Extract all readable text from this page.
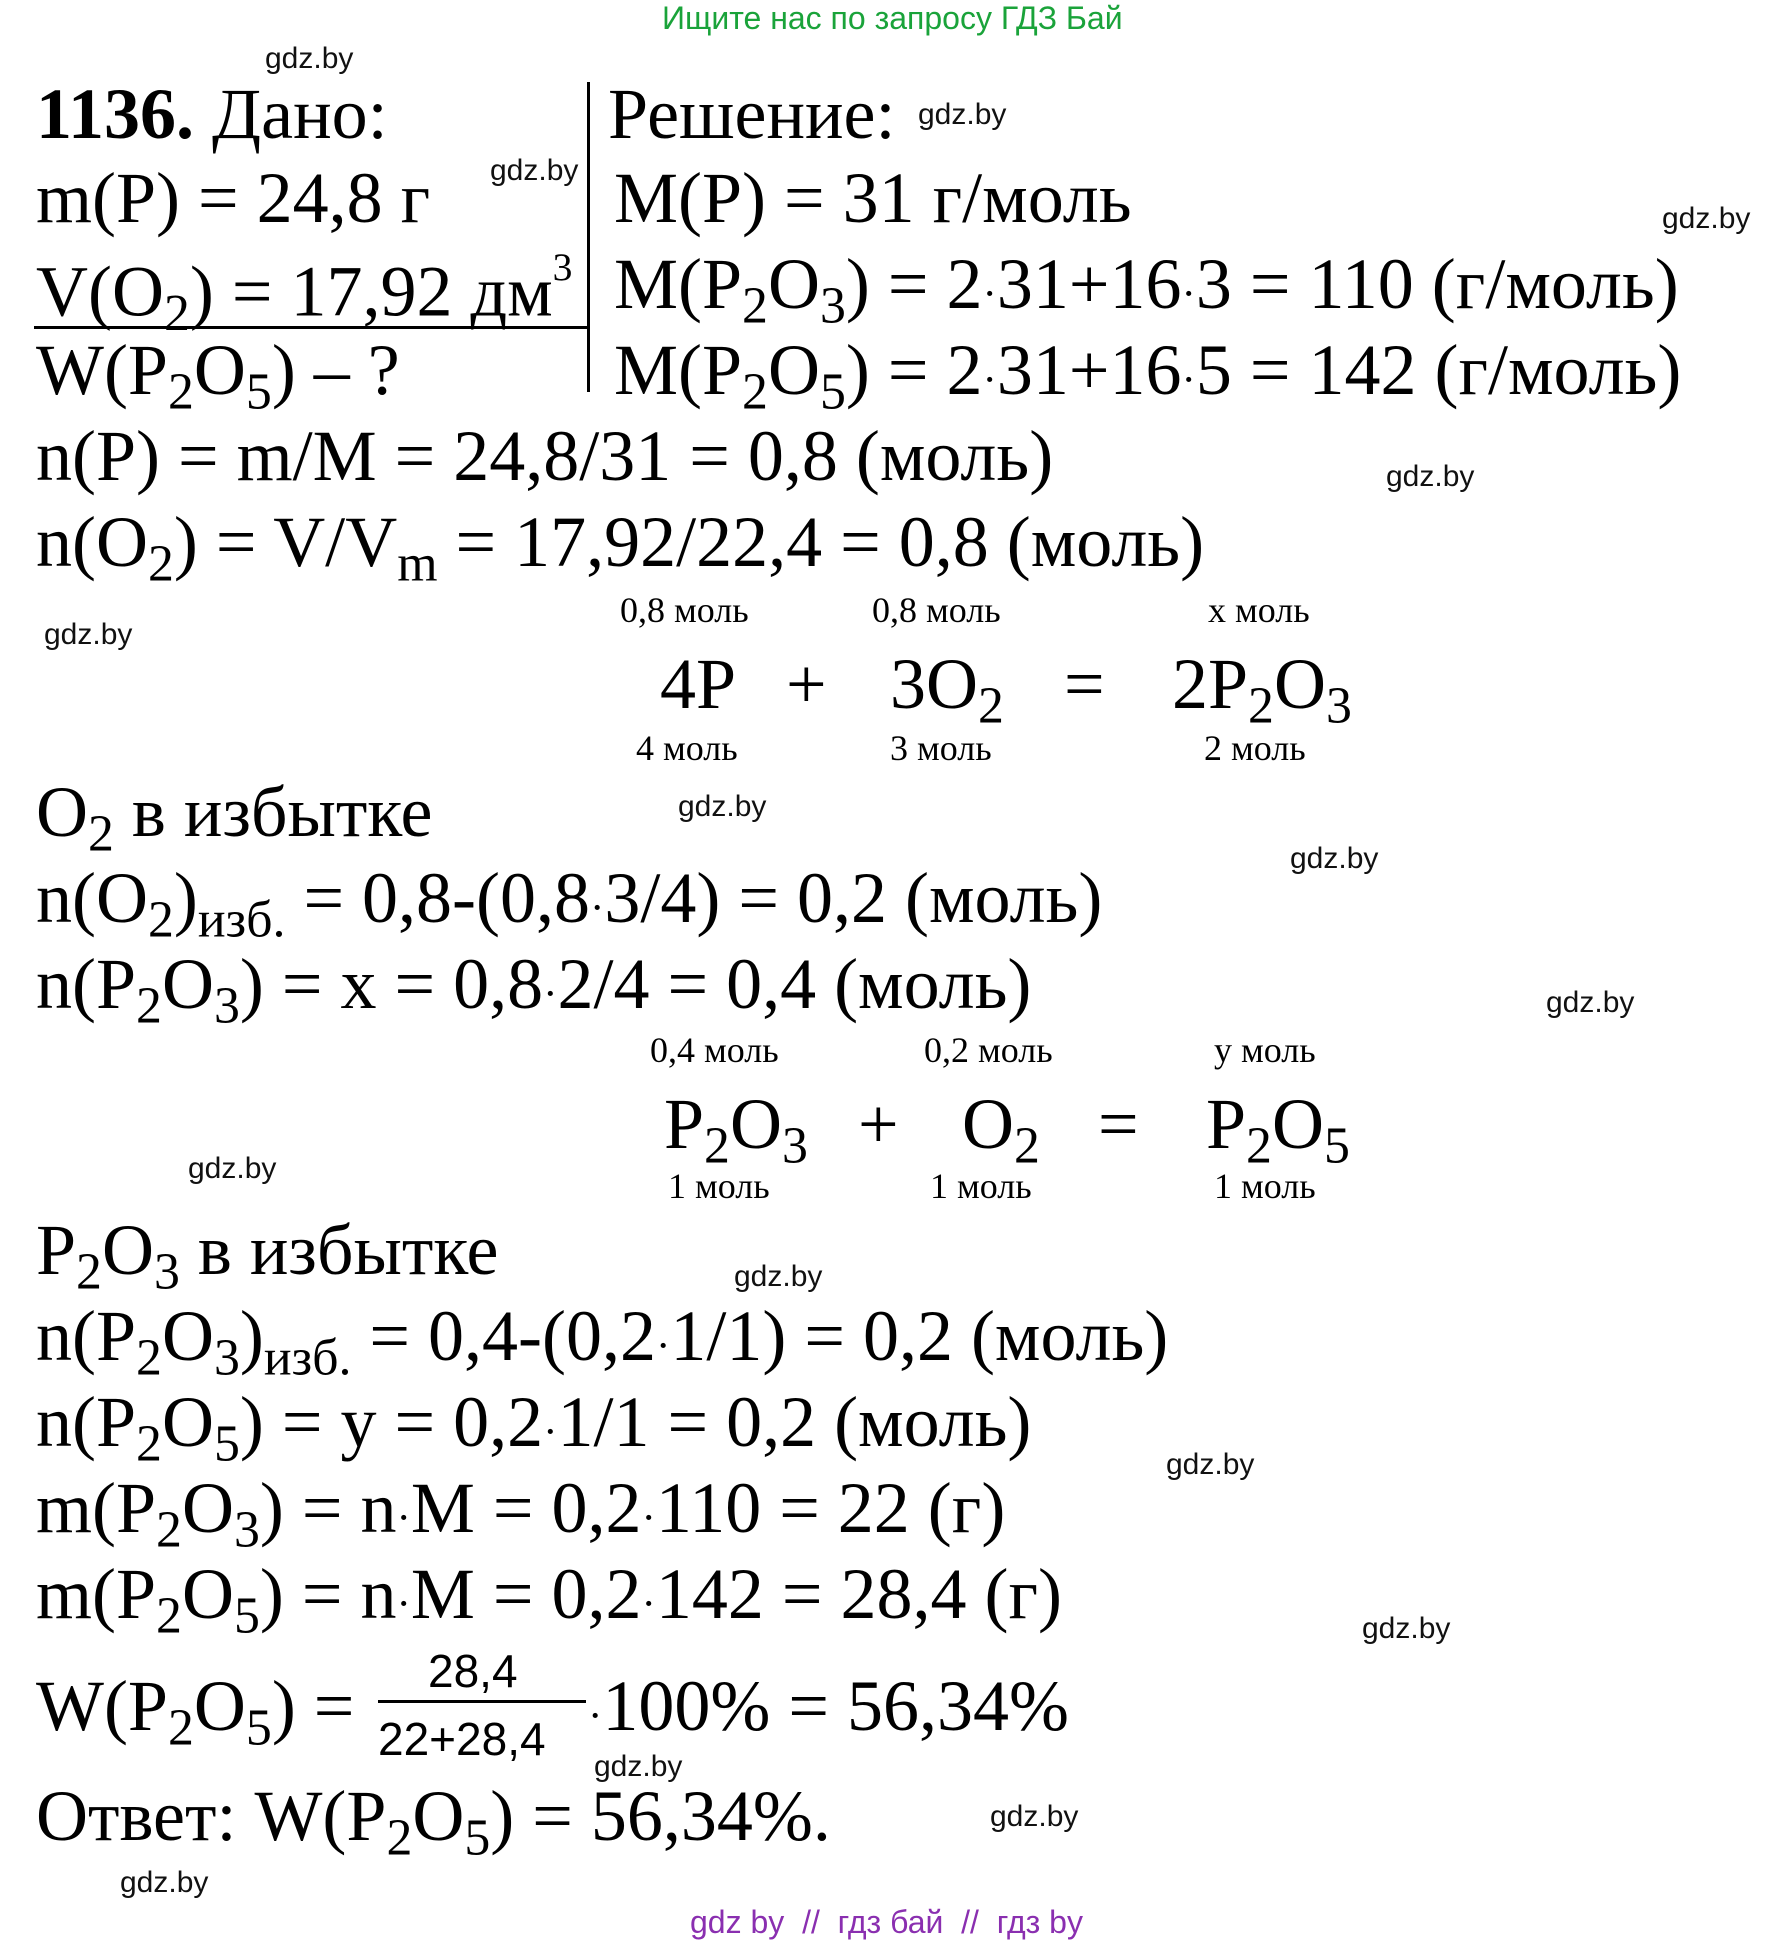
Ищите нас по запросу ГДЗ Бай
gdz.by
gdz.by
gdz.by
gdz.by
gdz.by
gdz.by
gdz.by
gdz.by
gdz.by
gdz.by
gdz.by
gdz.by
gdz.by
gdz.by
gdz.by
gdz.by
1136. Дано:	Решение:
m(P) = 24,8 г
$V(O_2) = 17,92$ $дм^3$
$W(P_2O_5)$ – ?
M(P) = 31 г/моль
$M(P_2O_3) = 2\cdot 31+16\cdot 3 = 110$ (г/моль)
$M(P_2O_5) = 2\cdot 31+16\cdot 5 = 142$ (г/моль)
n(P) = m/M = 24,8/31 = 0,8 (моль)
$n(O_2) = V/V_m = 17,92/22,4 = 0,8$ (моль)
0,8 моль	0,8 моль	x моль
$4P + 3O_2 = 2P_2O_3$
4 моль	3 моль	2 моль
$O_2$ в избытке
$n(O_2)_{изб.} = 0,8-(0,8\cdot 3/4) = 0,2$ (моль)
$n(P_2O_3) = x = 0,8\cdot 2/4 = 0,4$ (моль)
0,4 моль	0,2 моль	y моль
$P_2O_3 + O_2 = P_2O_5$
1 моль	1 моль	1 моль
$P_2O_3$ в избытке
$n(P_2O_3)_{изб.} = 0,4-(0,2\cdot 1/1) = 0,2$ (моль)
$n(P_2O_5) = y = 0,2\cdot 1/1 = 0,2$ (моль)
$m(P_2O_3) = n\cdot M = 0,2\cdot 110 = 22$ (г)
$m(P_2O_5) = n\cdot M = 0,2\cdot 142 = 28,4$ (г)
$W(P_2O_5) = 28,4$
22+28,4 ·100% = 56,34%
Ответ: $W(P_2O_5) = 56,34\%$.
gdz by  //  гдз бай  //  гдз by
